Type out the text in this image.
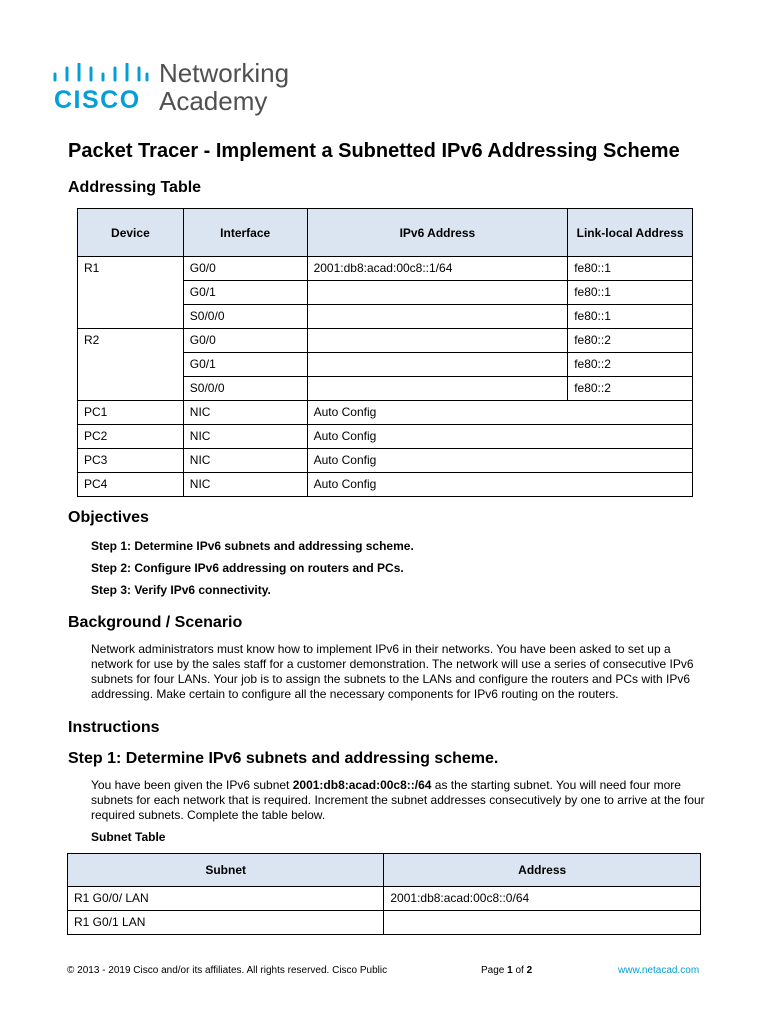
CISCO
Networking
Academy
Packet Tracer - Implement a Subnetted IPv6 Addressing Scheme
Addressing Table
Device	Interface	IPv6 Address	Link-local Address
R1	G0/0	2001:db8:acad:00c8::1/64	fe80::1
	G0/1		fe80::1
	S0/0/0		fe80::1
R2	G0/0		fe80::2
	G0/1		fe80::2
	S0/0/0		fe80::2
PC1	NIC	Auto Config	
PC2	NIC	Auto Config	
PC3	NIC	Auto Config	
PC4	NIC	Auto Config	
Objectives
Step 1: Determine IPv6 subnets and addressing scheme.
Step 2: Configure IPv6 addressing on routers and PCs.
Step 3: Verify IPv6 connectivity.
Background / Scenario
Network administrators must know how to implement IPv6 in their networks. You have been asked to set up a network for use by the sales staff for a customer demonstration. The network will use a series of consecutive IPv6 subnets for four LANs. Your job is to assign the subnets to the LANs and configure the routers and PCs with IPv6 addressing. Make certain to configure all the necessary components for IPv6 routing on the routers.
Instructions
Step 1: Determine IPv6 subnets and addressing scheme.
You have been given the IPv6 subnet 2001:db8:acad:00c8::/64 as the starting subnet. You will need four more subnets for each network that is required. Increment the subnet addresses consecutively by one to arrive at the four required subnets. Complete the table below.
Subnet Table
Subnet	Address
R1 G0/0/ LAN	2001:db8:acad:00c8::0/64
R1 G0/1 LAN	
© 2013 - 2019 Cisco and/or its affiliates. All rights reserved. Cisco Public	Page 1 of 2	www.netacad.com
